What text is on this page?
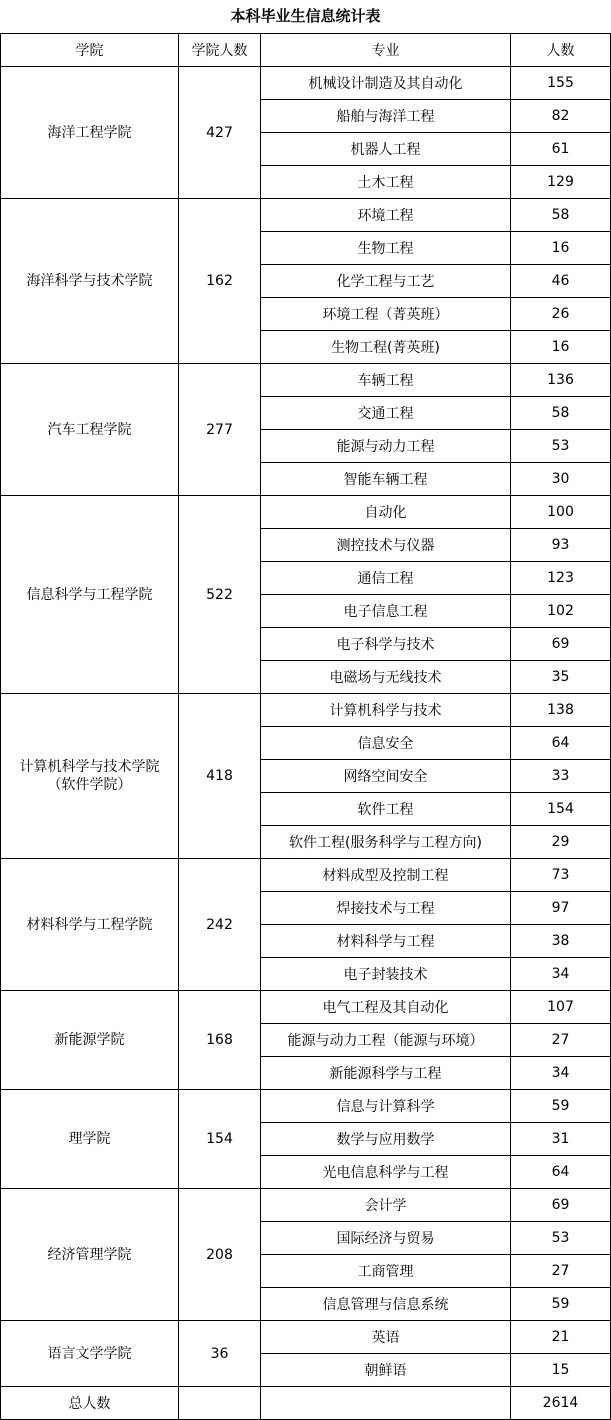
本科毕业生信息统计表
学院	学院人数	专业	人数
海洋工程学院	427	机械设计制造及其自动化	155
		船舶与海洋工程	82
		机器人工程	61
		土木工程	129
海洋科学与技术学院	162	环境工程	58
		生物工程	16
		化学工程与工艺	46
		环境工程（菁英班）	26
		生物工程(菁英班)	16
汽车工程学院	277	车辆工程	136
		交通工程	58
		能源与动力工程	53
		智能车辆工程	30
信息科学与工程学院	522	自动化	100
		测控技术与仪器	93
		通信工程	123
		电子信息工程	102
		电子科学与技术	69
		电磁场与无线技术	35
计算机科学与技术学院
（软件学院）	418	计算机科学与技术	138
		信息安全	64
		网络空间安全	33
		软件工程	154
		软件工程(服务科学与工程方向)	29
材料科学与工程学院	242	材料成型及控制工程	73
		焊接技术与工程	97
		材料科学与工程	38
		电子封装技术	34
新能源学院	168	电气工程及其自动化	107
		能源与动力工程（能源与环境）	27
		新能源科学与工程	34
理学院	154	信息与计算科学	59
		数学与应用数学	31
		光电信息科学与工程	64
经济管理学院	208	会计学	69
		国际经济与贸易	53
		工商管理	27
		信息管理与信息系统	59
语言文学学院	36	英语	21
		朝鲜语	15
总人数			2614
